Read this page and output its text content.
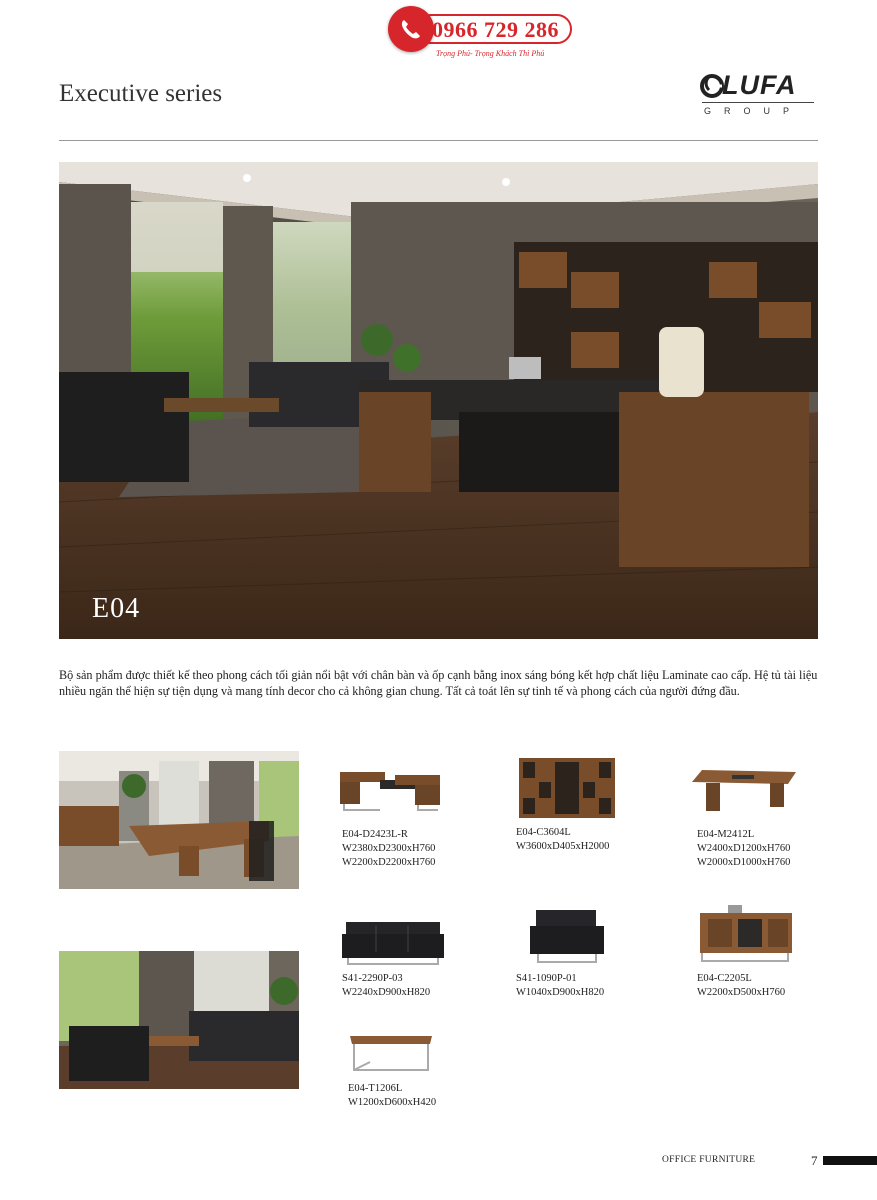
0966 729 286
Trọng Phú- Trọng Khách Thì Phú
Executive series	LUFA
GROUP
E04
Bộ sản phẩm được thiết kế theo phong cách tối giản nổi bật với chân bàn và ốp cạnh bằng inox sáng bóng kết hợp chất liệu Laminate cao cấp. Hệ tủ tài liệu nhiều ngăn thể hiện sự tiện dụng và mang tính decor cho cả không gian chung. Tất cả toát lên sự tinh tế và phong cách của người đứng đầu.
E04-D2423L-R
W2380xD2300xH760
W2200xD2200xH760
E04-C3604L
W3600xD405xH2000
E04-M2412L
W2400xD1200xH760
W2000xD1000xH760
S41-2290P-03
W2240xD900xH820
S41-1090P-01
W1040xD900xH820
E04-C2205L
W2200xD500xH760
E04-T1206L
W1200xD600xH420
OFFICE FURNITURE	7
